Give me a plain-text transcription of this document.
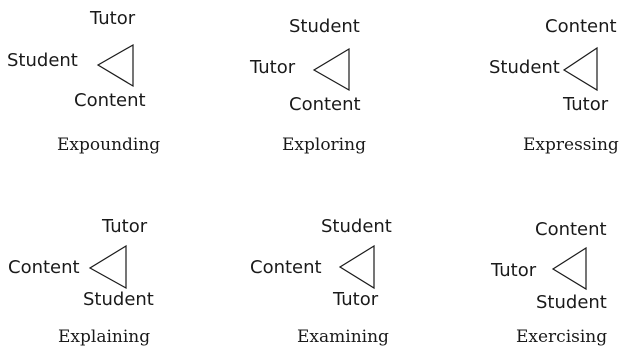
Tutor
Student
Content
Expounding
Student
Tutor
Content
Exploring
Content
Student
Tutor
Expressing
Tutor
Content
Student
Explaining
Student
Content
Tutor
Examining
Content
Tutor
Student
Exercising
